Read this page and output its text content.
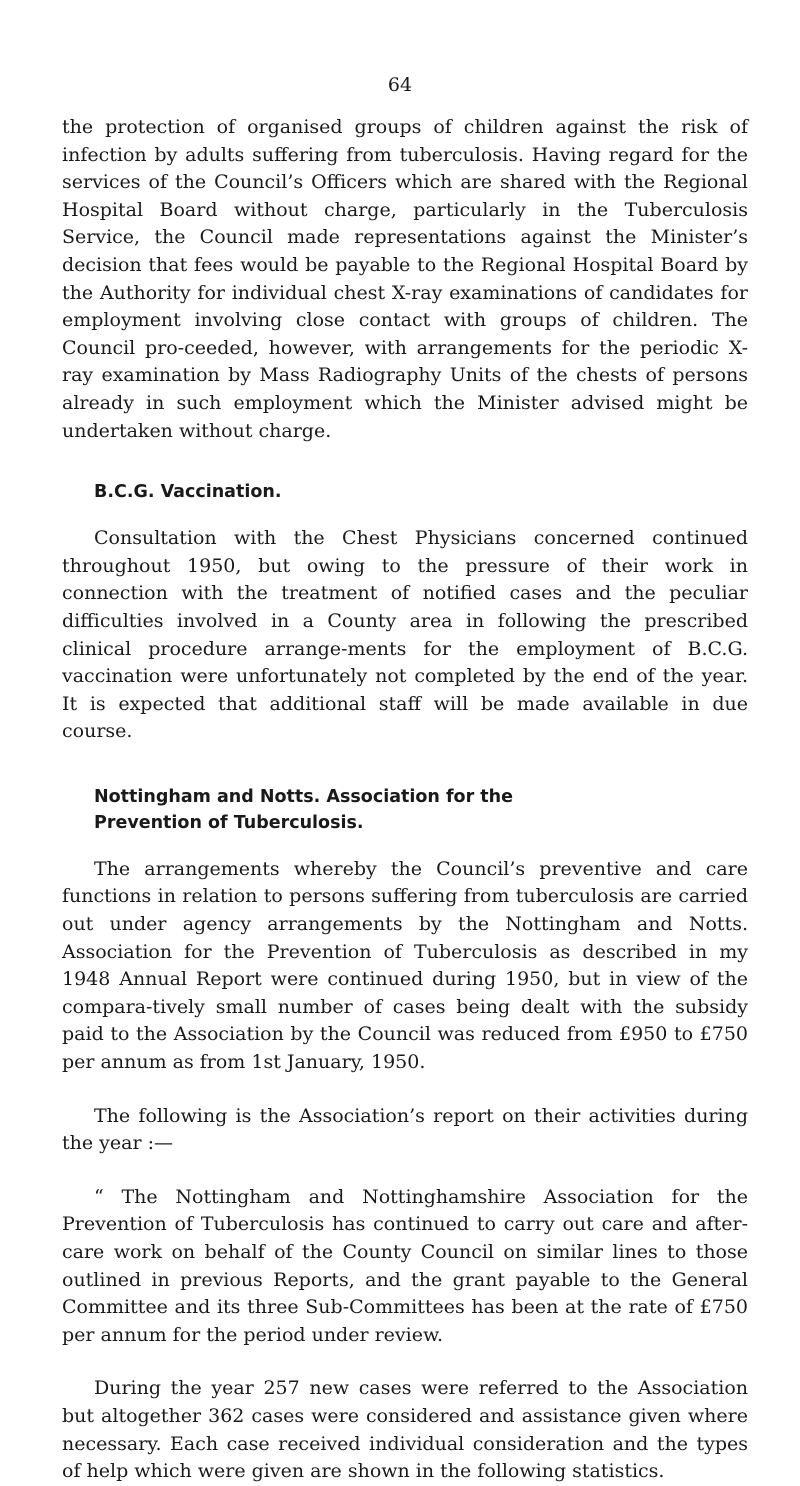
64

the protection of organised groups of children against the risk of infection by adults suffering from tuberculosis. Having regard for the services of the Council’s Officers which are shared with the Regional Hospital Board without charge, particularly in the Tuberculosis Service, the Council made representations against the Minister’s decision that fees would be payable to the Regional Hospital Board by the Authority for individual chest X-ray examinations of candidates for employment involving close contact with groups of children. The Council pro-ceeded, however, with arrangements for the periodic X-ray examination by Mass Radiography Units of the chests of persons already in such employment which the Minister advised might be undertaken without charge.

B.C.G. Vaccination.

Consultation with the Chest Physicians concerned continued throughout 1950, but owing to the pressure of their work in connection with the treatment of notified cases and the peculiar difficulties involved in a County area in following the prescribed clinical procedure arrange-ments for the employment of B.C.G. vaccination were unfortunately not completed by the end of the year. It is expected that additional staff will be made available in due course.

Nottingham and Notts. Association for the
Prevention of Tuberculosis.

The arrangements whereby the Council’s preventive and care functions in relation to persons suffering from tuberculosis are carried out under agency arrangements by the Nottingham and Notts. Association for the Prevention of Tuberculosis as described in my 1948 Annual Report were continued during 1950, but in view of the compara-tively small number of cases being dealt with the subsidy paid to the Association by the Council was reduced from £950 to £750 per annum as from 1st January, 1950.

The following is the Association’s report on their activities during the year :—

“ The Nottingham and Nottinghamshire Association for the Prevention of Tuberculosis has continued to carry out care and after-care work on behalf of the County Council on similar lines to those outlined in previous Reports, and the grant payable to the General Committee and its three Sub-Committees has been at the rate of £750 per annum for the period under review.

During the year 257 new cases were referred to the Association but altogether 362 cases were considered and assistance given where necessary. Each case received individual consideration and the types of help which were given are shown in the following statistics.
